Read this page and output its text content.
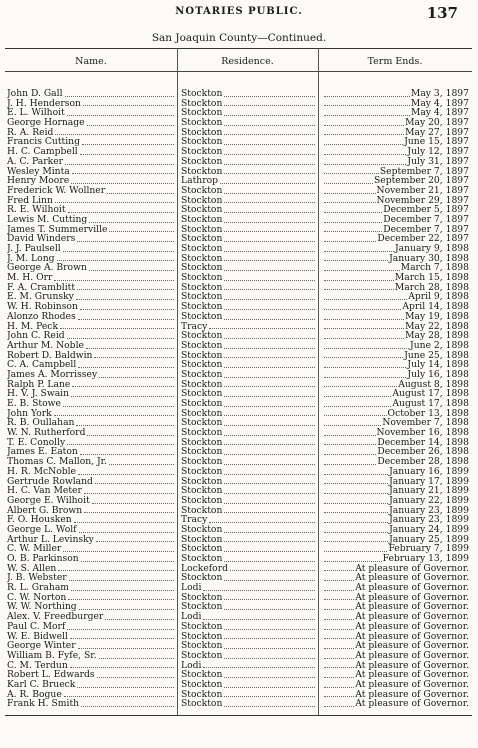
NOTARIES PUBLIC.	137
San Joaquin County—Continued.
Name.	Residence.	Term Ends.
John D. Gall	Stockton	May 3, 1897
J. H. Henderson	Stockton	May 4, 1897
E. L. Wilhoit	Stockton	May 4, 1897
George Hornage	Stockton	May 20, 1897
R. A. Reid	Stockton	May 27, 1897
Francis Cutting	Stockton	June 15, 1897
H. C. Campbell	Stockton	July 12, 1897
A. C. Parker	Stockton	July 31, 1897
Wesley Minta	Stockton	September 7, 1897
Henry Moore	Lathrop	September 20, 1897
Frederick W. Wollner	Stockton	November 21, 1897
Fred Linn	Stockton	November 29, 1897
R. E. Wilhoit	Stockton	December 5, 1897
Lewis M. Cutting	Stockton	December 7, 1897
James T. Summerville	Stockton	December 7, 1897
David Winders	Stockton	December 22, 1897
J. J. Paulsell	Stockton	January 9, 1898
J. M. Long	Stockton	January 30, 1898
George A. Brown	Stockton	March 7, 1898
M. H. Orr	Stockton	March 15, 1898
F. A. Cramblitt	Stockton	March 28, 1898
E. M. Grunsky	Stockton	April 9, 1898
W. H. Robinson	Stockton	April 14, 1898
Alonzo Rhodes	Stockton	May 19, 1898
H. M. Peck	Tracy	May 22, 1898
John C. Reid	Stockton	May 28, 1898
Arthur M. Noble	Stockton	June 2, 1898
Robert D. Baldwin	Stockton	June 25, 1898
C. A. Campbell	Stockton	July 14, 1898
James A. Morrissey	Stockton	July 16, 1898
Ralph P. Lane	Stockton	August 8, 1898
H. V. J. Swain	Stockton	August 17, 1898
E. B. Stowe	Stockton	August 17, 1898
John York	Stockton	October 13, 1898
R. B. Oullahan	Stockton	November 7, 1898
W. N. Rutherford	Stockton	November 16, 1898
T. E. Conolly	Stockton	December 14, 1898
James E. Eaton	Stockton	December 26, 1898
Thomas C. Mallon, Jr.	Stockton	December 28, 1898
H. R. McNoble	Stockton	January 16, 1899
Gertrude Rowland	Stockton	January 17, 1899
H. C. Van Meter	Stockton	January 21, 1899
George E. Wilhoit	Stockton	January 22, 1899
Albert G. Brown	Stockton	January 23, 1899
F. O. Housken	Tracy	January 23, 1899
George L. Wolf	Stockton	January 24, 1899
Arthur L. Levinsky	Stockton	January 25, 1899
C. W. Miller	Stockton	February 7, 1899
O. B. Parkinson	Stockton	February 13, 1899
W. S. Allen	Lockeford	At pleasure of Governor.
J. B. Webster	Stockton	At pleasure of Governor.
R. L. Graham	Lodi	At pleasure of Governor.
C. W. Norton	Stockton	At pleasure of Governor.
W. W. Northing	Stockton	At pleasure of Governor.
Alex. V. Freedburger	Lodi	At pleasure of Governor.
Paul C. Morf	Stockton	At pleasure of Governor.
W. E. Bidwell	Stockton	At pleasure of Governor.
George Winter	Stockton	At pleasure of Governor.
William B. Fyfe, Sr.	Stockton	At pleasure of Governor.
C. M. Terdun	Lodi	At pleasure of Governor.
Robert L. Edwards	Stockton	At pleasure of Governor.
Karl C. Brueck	Stockton	At pleasure of Governor.
A. R. Bogue	Stockton	At pleasure of Governor.
Frank H. Smith	Stockton	At pleasure of Governor.
